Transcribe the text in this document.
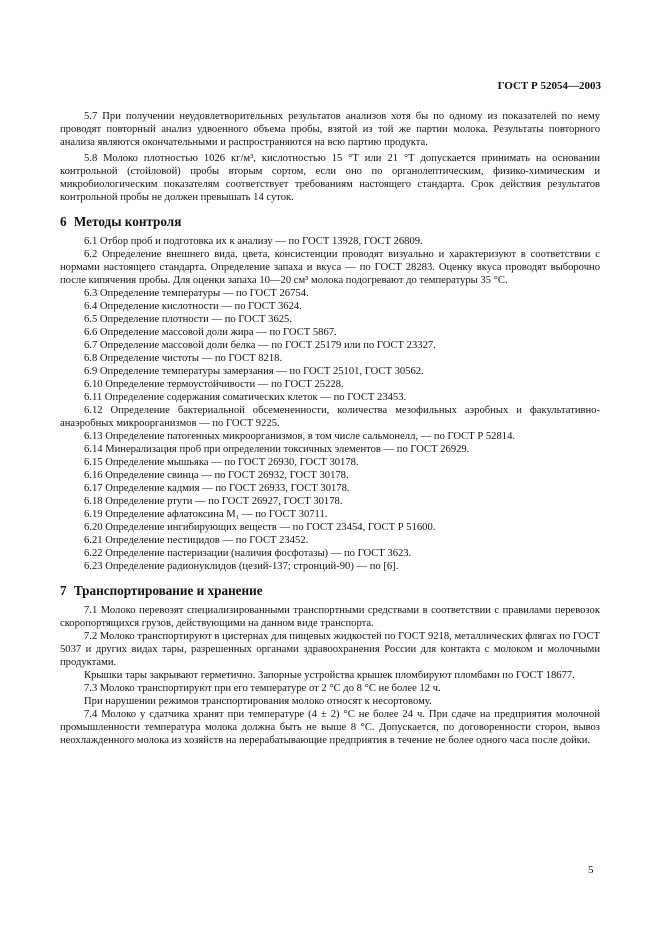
ГОСТ Р 52054—2003

5.7 При получении неудовлетворительных результатов анализов хотя бы по одному из показателей по нему проводят повторный анализ удвоенного объема пробы, взятой из той же партии молока. Результаты повторного анализа являются окончательными и распространяются на всю партию продукта.

5.8 Молоко плотностью 1026 кг/м³, кислотностью 15 °Т или 21 °Т допускается принимать на основании контрольной (стойловой) пробы вторым сортом, если оно по органолептическим, физико-химическим и микробиологическим показателям соответствует требованиям настоящего стандарта. Срок действия результатов контрольной пробы не должен превышать 14 суток.

6 Методы контроля

6.1 Отбор проб и подготовка их к анализу — по ГОСТ 13928, ГОСТ 26809.

6.2 Определение внешнего вида, цвета, консистенции проводят визуально и характеризуют в соответствии с нормами настоящего стандарта. Определение запаха и вкуса — по ГОСТ 28283. Оценку вкуса проводят выборочно после кипячения пробы. Для оценки запаха 10—20 см³ молока подогревают до температуры 35 °С.

6.3 Определение температуры — по ГОСТ 26754.

6.4 Определение кислотности — по ГОСТ 3624.

6.5 Определение плотности — по ГОСТ 3625.

6.6 Определение массовой доли жира — по ГОСТ 5867.

6.7 Определение массовой доли белка — по ГОСТ 25179 или по ГОСТ 23327.

6.8 Определение чистоты — по ГОСТ 8218.

6.9 Определение температуры замерзания — по ГОСТ 25101, ГОСТ 30562.

6.10 Определение термоустойчивости — по ГОСТ 25228.

6.11 Определение содержания соматических клеток — по ГОСТ 23453.

6.12 Определение бактериальной обсемененности, количества мезофильных аэробных и факультативно-анаэробных микроорганизмов — по ГОСТ 9225.

6.13 Определение патогенных микроорганизмов, в том числе сальмонелл, — по ГОСТ Р 52814.

6.14 Минерализация проб при определении токсичных элементов — по ГОСТ 26929.

6.15 Определение мышьяка — по ГОСТ 26930, ГОСТ 30178.

6.16 Определение свинца — по ГОСТ 26932, ГОСТ 30178.

6.17 Определение кадмия — по ГОСТ 26933, ГОСТ 30178.

6.18 Определение ртути — по ГОСТ 26927, ГОСТ 30178.

6.19 Определение афлатоксина M₁ — по ГОСТ 30711.

6.20 Определение ингибирующих веществ — по ГОСТ 23454, ГОСТ Р 51600.

6.21 Определение пестицидов — по ГОСТ 23452.

6.22 Определение пастеризации (наличия фосфотазы) — по ГОСТ 3623.

6.23 Определение радионуклидов (цезий-137; стронций-90) — по [6].

7 Транспортирование и хранение

7.1 Молоко перевозят специализированными транспортными средствами в соответствии с правилами перевозок скоропортящихся грузов, действующими на данном виде транспорта.

7.2 Молоко транспортируют в цистернах для пищевых жидкостей по ГОСТ 9218, металлических флягах по ГОСТ 5037 и других видах тары, разрешенных органами здравоохранения России для контакта с молоком и молочными продуктами.

Крышки тары закрывают герметично. Запорные устройства крышек пломбируют пломбами по ГОСТ 18677.

7.3 Молоко транспортируют при его температуре от 2 °С до 8 °С не более 12 ч.

При нарушении режимов транспортирования молоко относят к несортовому.

7.4 Молоко у сдатчика хранят при температуре (4 ± 2) °С не более 24 ч. При сдаче на предприятия молочной промышленности температура молока должна быть не выше 8 °С. Допускается, по договоренности сторон, вывоз неохлажденного молока из хозяйств на перерабатывающие предприятия в течение не более одного часа после дойки.

5
